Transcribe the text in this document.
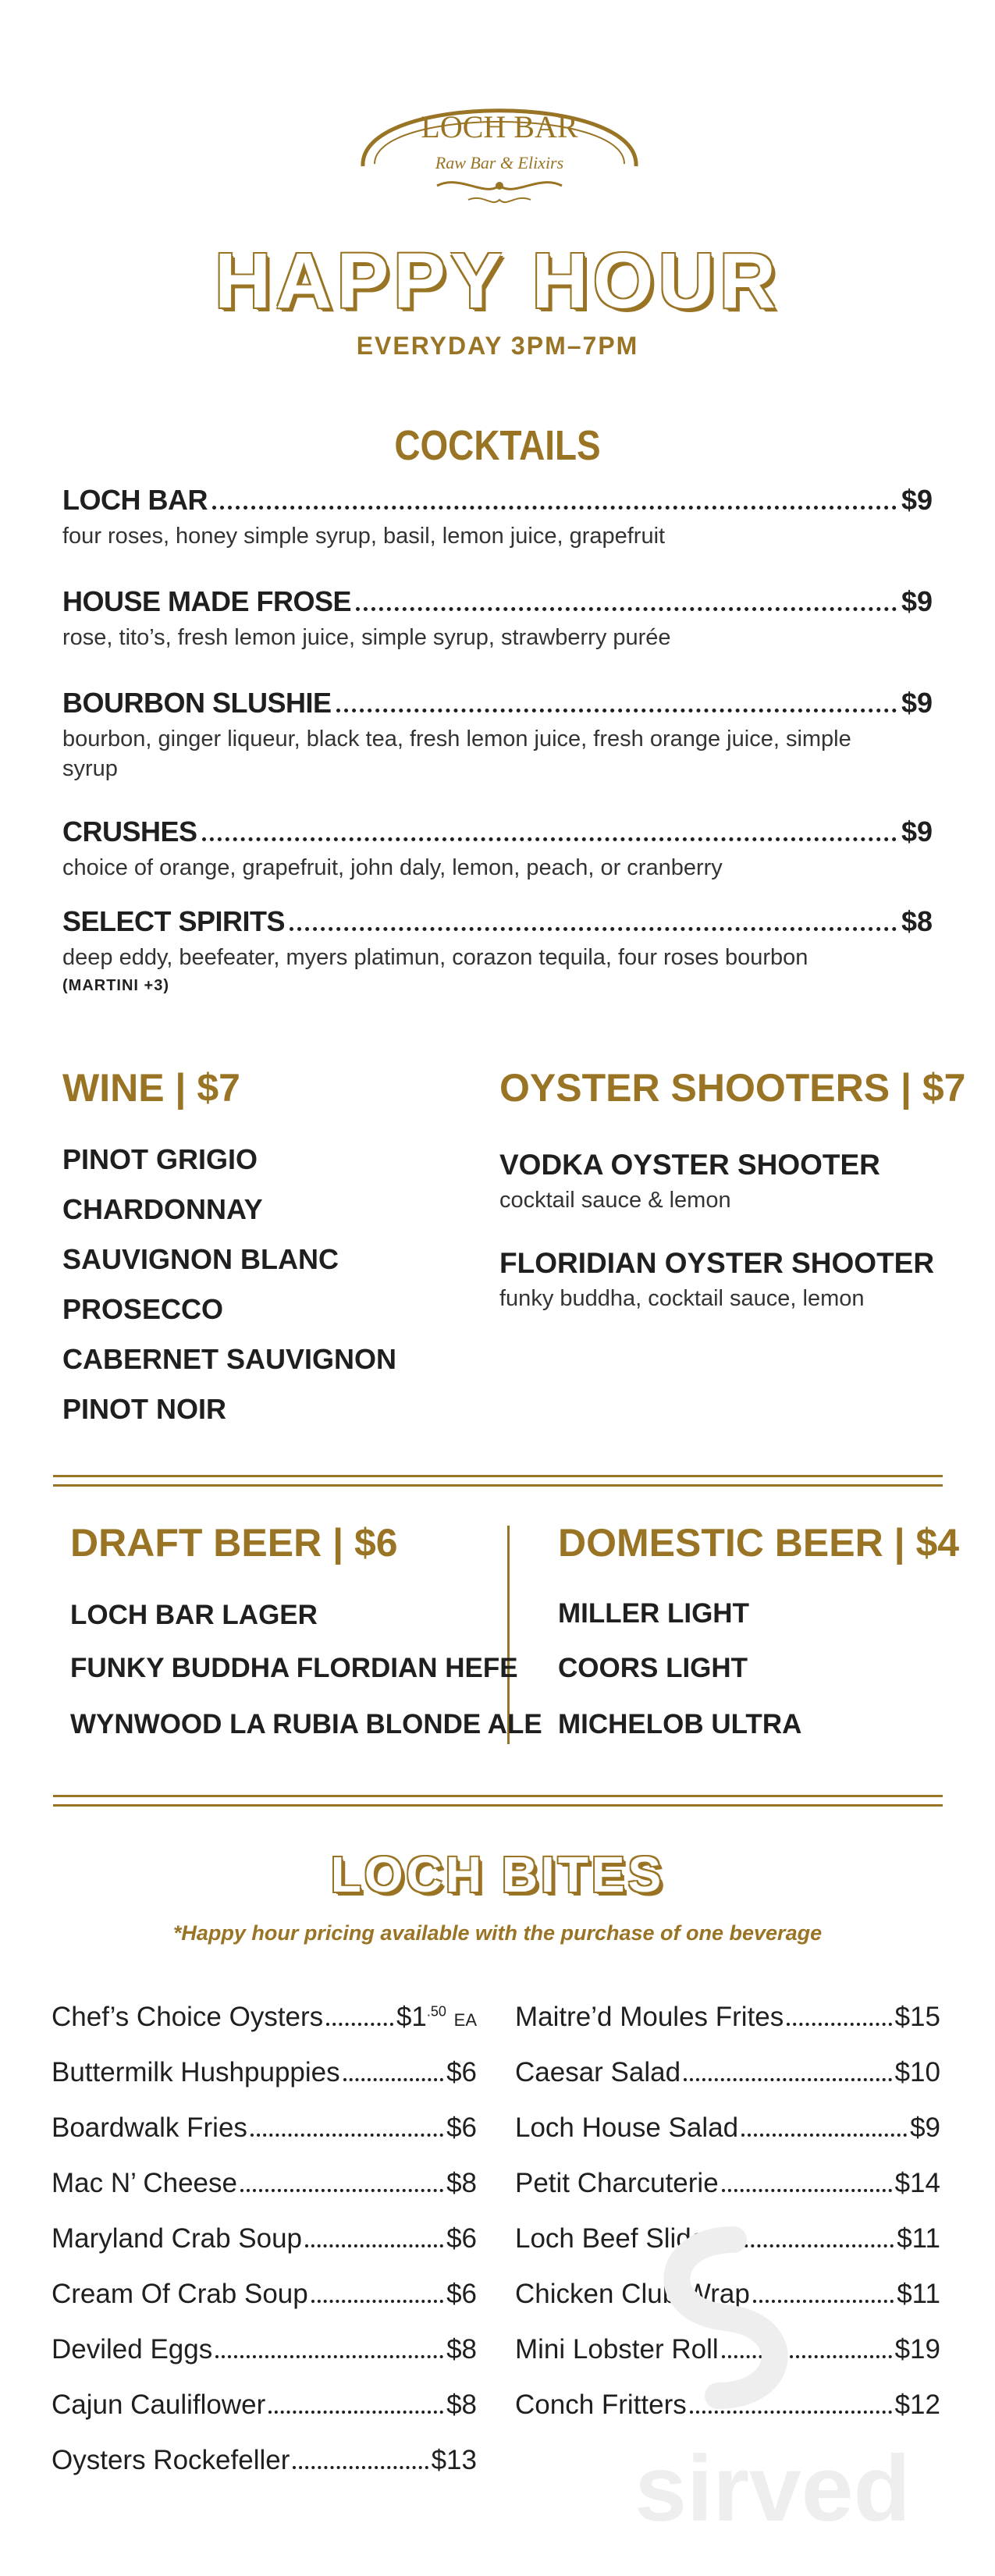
LOCH BAR
Raw Bar & Elixirs
HAPPY HOUR
EVERYDAY 3PM–7PM
COCKTAILS
LOCH BAR	$9
four roses, honey simple syrup, basil, lemon juice, grapefruit
HOUSE MADE FROSE	$9
rose, tito’s, fresh lemon juice, simple syrup, strawberry purée
BOURBON SLUSHIE	$9
bourbon, ginger liqueur, black tea, fresh lemon juice, fresh orange juice, simple syrup
CRUSHES	$9
choice of orange, grapefruit, john daly, lemon, peach, or cranberry
SELECT SPIRITS	$8
deep eddy, beefeater, myers platimun, corazon tequila, four roses bourbon
(MARTINI +3)
WINE | $7
PINOT GRIGIO
CHARDONNAY
SAUVIGNON BLANC
PROSECCO
CABERNET SAUVIGNON
PINOT NOIR
OYSTER SHOOTERS | $7
VODKA OYSTER SHOOTER
cocktail sauce & lemon
FLORIDIAN OYSTER SHOOTER
funky buddha, cocktail sauce, lemon
DRAFT BEER | $6
LOCH BAR LAGER
FUNKY BUDDHA FLORDIAN HEFE
WYNWOOD LA RUBIA BLONDE ALE
DOMESTIC BEER | $4
MILLER LIGHT
COORS LIGHT
MICHELOB ULTRA
LOCH BITES
*Happy hour pricing available with the purchase of one beverage
Chef’s Choice Oysters	$\$1^{.50}$ EA
Buttermilk Hushpuppies	$6
Boardwalk Fries	$6
Mac N’ Cheese	$8
Maryland Crab Soup	$6
Cream Of Crab Soup	$6
Deviled Eggs	$8
Cajun Cauliflower	$8
Oysters Rockefeller	$13
Maitre’d Moules Frites	$15
Caesar Salad	$10
Loch House Salad	$9
Petit Charcuterie	$14
Loch Beef Sliders	$11
Chicken Club Wrap	$11
Mini Lobster Roll	$19
Conch Fritters	$12
sirved
